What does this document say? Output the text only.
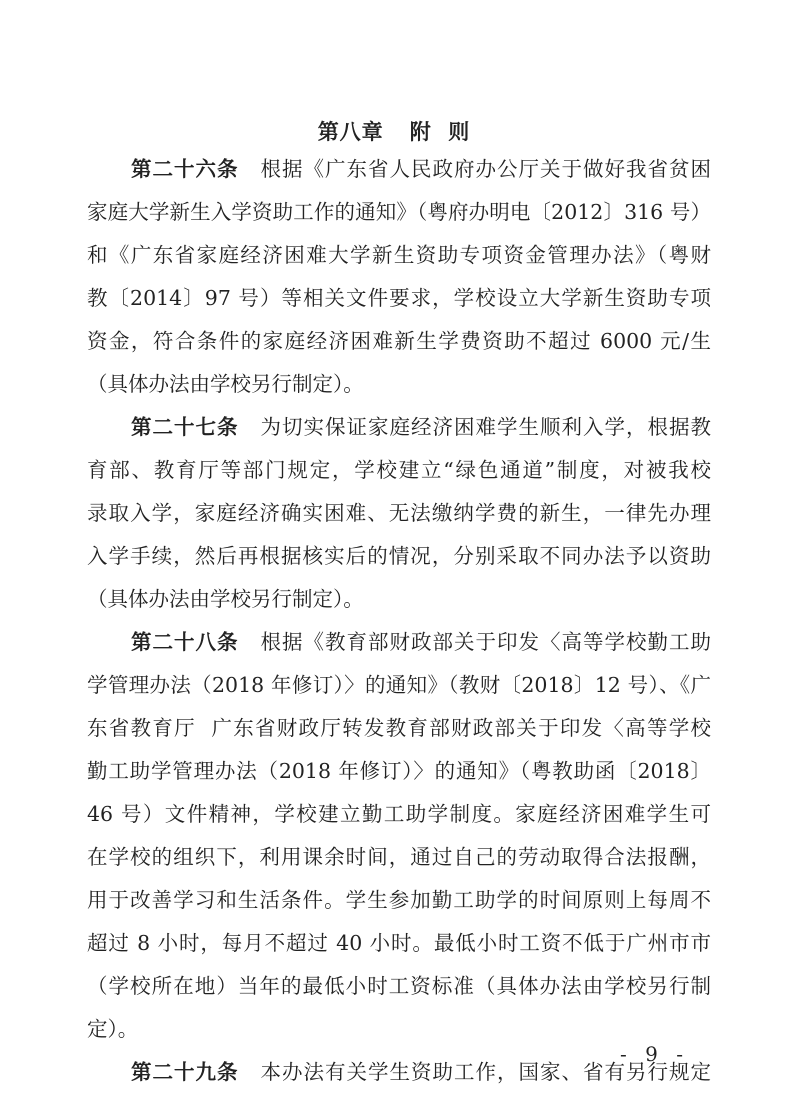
第八章 附  则
第二十六条 根据《广东省人民政府办公厅关于做好我省贫困
家庭大学新生入学资助工作的通知》（粤府办明电〔2012〕316 号）
和《广东省家庭经济困难大学新生资助专项资金管理办法》（粤财
教〔2014〕97 号）等相关文件要求，学校设立大学新生资助专项
资金，符合条件的家庭经济困难新生学费资助不超过 6000 元/生
（具体办法由学校另行制定）。
第二十七条 为切实保证家庭经济困难学生顺利入学，根据教
育部、教育厅等部门规定，学校建立“绿色通道”制度，对被我校
录取入学，家庭经济确实困难、无法缴纳学费的新生，一律先办理
入学手续，然后再根据核实后的情况，分别采取不同办法予以资助
（具体办法由学校另行制定）。
第二十八条 根据《教育部财政部关于印发〈高等学校勤工助
学管理办法（2018 年修订）〉的通知》（教财〔2018〕12 号）、《广
东省教育厅  广东省财政厅转发教育部财政部关于印发〈高等学校
勤工助学管理办法（2018 年修订）〉的通知》（粤教助函〔2018〕
46 号）文件精神，学校建立勤工助学制度。家庭经济困难学生可
在学校的组织下，利用课余时间，通过自己的劳动取得合法报酬，
用于改善学习和生活条件。学生参加勤工助学的时间原则上每周不
超过 8 小时，每月不超过 40 小时。最低小时工资不低于广州市市
（学校所在地）当年的最低小时工资标准（具体办法由学校另行制
定）。
第二十九条 本办法有关学生资助工作，国家、省有另行规定
- 9 -
